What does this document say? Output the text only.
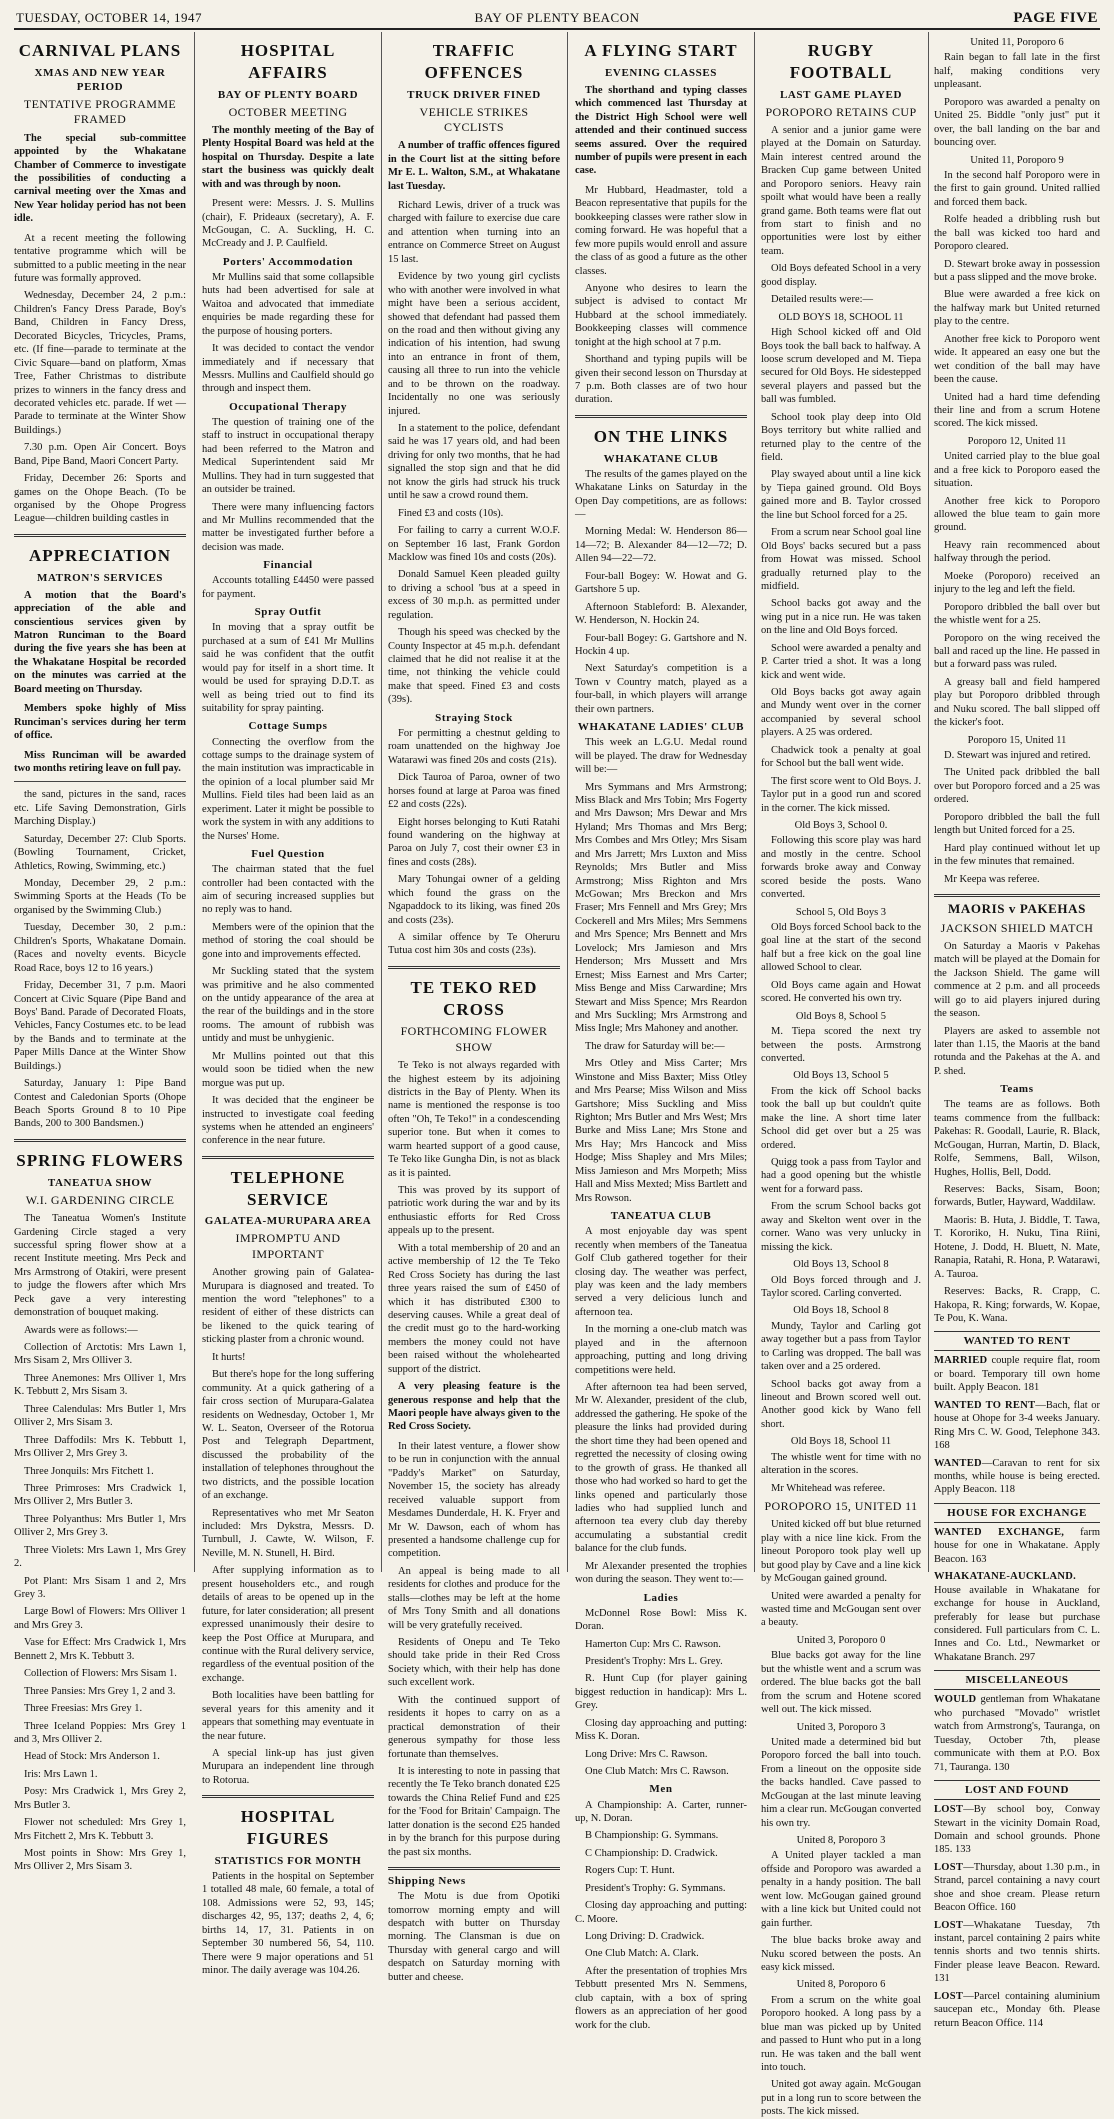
TUESDAY, OCTOBER 14, 1947	BAY OF PLENTY BEACON	PAGE FIVE
CARNIVAL PLANS
XMAS AND NEW YEAR PERIOD
TENTATIVE PROGRAMME FRAMED
The special sub-committee appointed by the Whakatane Chamber of Commerce to investigate the possibilities of conducting a carnival meeting over the Xmas and New Year holiday period has not been idle.

At a recent meeting the following tentative programme which will be submitted to a public meeting in the near future was formally approved.

Wednesday, December 24, 2 p.m.: Children's Fancy Dress Parade, Boy's Band, Children in Fancy Dress, Decorated Bicycles, Tricycles, Prams, etc. (If fine—parade to terminate at the Civic Square—band on platform, Xmas Tree, Father Christmas to distribute prizes to winners in the fancy dress and decorated vehicles etc. parade. If wet —Parade to terminate at the Winter Show Buildings.)

7.30 p.m. Open Air Concert. Boys Band, Pipe Band, Maori Concert Party.

Friday, December 26: Sports and games on the Ohope Beach. (To be organised by the Ohope Progress League—children building castles in

APPRECIATION
MATRON'S SERVICES
A motion that the Board's appreciation of the able and conscientious services given by Matron Runciman to the Board during the five years she has been at the Whakatane Hospital be recorded on the minutes was carried at the Board meeting on Thursday.
Members spoke highly of Miss Runciman's services during her term of office.
Miss Runciman will be awarded two months retiring leave on full pay.

the sand, pictures in the sand, races etc. Life Saving Demonstration, Girls Marching Display.)

Saturday, December 27: Club Sports. (Bowling Tournament, Cricket, Athletics, Rowing, Swimming, etc.)

Monday, December 29, 2 p.m.: Swimming Sports at the Heads (To be organised by the Swimming Club.)

Tuesday, December 30, 2 p.m.: Children's Sports, Whakatane Domain. (Races and novelty events. Bicycle Road Race, boys 12 to 16 years.)

Friday, December 31, 7 p.m. Maori Concert at Civic Square (Pipe Band and Boys' Band. Parade of Decorated Floats, Vehicles, Fancy Costumes etc. to be lead by the Bands and to terminate at the Paper Mills Dance at the Winter Show Buildings.)

Saturday, January 1: Pipe Band Contest and Caledonian Sports (Ohope Beach Sports Ground 8 to 10 Pipe Bands, 200 to 300 Bandsmen.)

SPRING FLOWERS
TANEATUA SHOW
W.I. GARDENING CIRCLE

The Taneatua Women's Institute Gardening Circle staged a very successful spring flower show at a recent Institute meeting. Mrs Peck and Mrs Armstrong of Otakiri, were present to judge the flowers after which Mrs Peck gave a very interesting demonstration of bouquet making.

Awards were as follows:—

Collection of Arctotis: Mrs Lawn 1, Mrs Sisam 2, Mrs Olliver 3.

Three Anemones: Mrs Olliver 1, Mrs K. Tebbutt 2, Mrs Sisam 3.

Three Calendulas: Mrs Butler 1, Mrs Olliver 2, Mrs Sisam 3.

Three Daffodils: Mrs K. Tebbutt 1, Mrs Olliver 2, Mrs Grey 3.

Three Jonquils: Mrs Fitchett 1.

Three Primroses: Mrs Cradwick 1, Mrs Olliver 2, Mrs Butler 3.

Three Polyanthus: Mrs Butler 1, Mrs Olliver 2, Mrs Grey 3.

Three Violets: Mrs Lawn 1, Mrs Grey 2.

Pot Plant: Mrs Sisam 1 and 2, Mrs Grey 3.

Large Bowl of Flowers: Mrs Olliver 1 and Mrs Grey 3.

Vase for Effect: Mrs Cradwick 1, Mrs Bennett 2, Mrs K. Tebbutt 3.

Collection of Flowers: Mrs Sisam 1.

Three Pansies: Mrs Grey 1, 2 and 3.

Three Freesias: Mrs Grey 1.

Three Iceland Poppies: Mrs Grey 1 and 3, Mrs Olliver 2.

Head of Stock: Mrs Anderson 1.

Iris: Mrs Lawn 1.

Posy: Mrs Cradwick 1, Mrs Grey 2, Mrs Butler 3.

Flower not scheduled: Mrs Grey 1, Mrs Fitchett 2, Mrs K. Tebbutt 3.

Most points in Show: Mrs Grey 1, Mrs Olliver 2, Mrs Sisam 3.

HOSPITAL AFFAIRS
BAY OF PLENTY BOARD
OCTOBER MEETING
The monthly meeting of the Bay of Plenty Hospital Board was held at the hospital on Thursday. Despite a late start the business was quickly dealt with and was through by noon.

Present were: Messrs. J. S. Mullins (chair), F. Prideaux (secretary), A. F. McGougan, C. A. Suckling, H. C. McCready and J. P. Caulfield.

Porters' Accommodation

Mr Mullins said that some collapsible huts had been advertised for sale at Waitoa and advocated that immediate enquiries be made regarding these for the purpose of housing porters.

It was decided to contact the vendor immediately and if necessary that Messrs. Mullins and Caulfield should go through and inspect them.

Occupational Therapy

The question of training one of the staff to instruct in occupational therapy had been referred to the Matron and Medical Superintendent said Mr Mullins. They had in turn suggested that an outsider be trained.

There were many influencing factors and Mr Mullins recommended that the matter be investigated further before a decision was made.

Financial

Accounts totalling £4450 were passed for payment.

Spray Outfit

In moving that a spray outfit be purchased at a sum of £41 Mr Mullins said he was confident that the outfit would pay for itself in a short time. It would be used for spraying D.D.T. as well as being tried out to find its suitability for spray painting.

Cottage Sumps

Connecting the overflow from the cottage sumps to the drainage system of the main institution was impracticable in the opinion of a local plumber said Mr Mullins. Field tiles had been laid as an experiment. Later it might be possible to work the system in with any additions to the Nurses' Home.

Fuel Question

The chairman stated that the fuel controller had been contacted with the aim of securing increased supplies but no reply was to hand.

Members were of the opinion that the method of storing the coal should be gone into and improvements effected.

Mr Suckling stated that the system was primitive and he also commented on the untidy appearance of the area at the rear of the buildings and in the store rooms. The amount of rubbish was untidy and must be unhygienic.

Mr Mullins pointed out that this would soon be tidied when the new morgue was put up.

It was decided that the engineer be instructed to investigate coal feeding systems when he attended an engineers' conference in the near future.

TELEPHONE SERVICE
GALATEA-MURUPARA AREA
IMPROMPTU AND IMPORTANT

Another growing pain of Galatea-Murupara is diagnosed and treated. To mention the word "telephones" to a resident of either of these districts can be likened to the quick tearing of sticking plaster from a chronic wound.

It hurts!

But there's hope for the long suffering community. At a quick gathering of a fair cross section of Murupara-Galatea residents on Wednesday, October 1, Mr W. L. Seaton, Overseer of the Rotorua Post and Telegraph Department, discussed the probability of the installation of telephones throughout the two districts, and the possible location of an exchange.

Representatives who met Mr Seaton included: Mrs Dykstra, Messrs. D. Turnbull, J. Cawte, W. Wilson, F. Neville, M. N. Stunell, H. Bird.

After supplying information as to present householders etc., and rough details of areas to be opened up in the future, for later consideration; all present expressed unanimously their desire to keep the Post Office at Murupara, and continue with the Rural delivery service, regardless of the eventual position of the exchange.

Both localities have been battling for several years for this amenity and it appears that something may eventuate in the near future.

A special link-up has just given Murupara an independent line through to Rotorua.

HOSPITAL FIGURES
STATISTICS FOR MONTH

Patients in the hospital on September 1 totalled 48 male, 60 female, a total of 108. Admissions were 52, 93, 145; discharges 42, 95, 137; deaths 2, 4, 6; births 14, 17, 31. Patients in on September 30 numbered 56, 54, 110. There were 9 major operations and 51 minor. The daily average was 104.26.

TRAFFIC OFFENCES
TRUCK DRIVER FINED
VEHICLE STRIKES CYCLISTS
A number of traffic offences figured in the Court list at the sitting before Mr E. L. Walton, S.M., at Whakatane last Tuesday.

Richard Lewis, driver of a truck was charged with failure to exercise due care and attention when turning into an entrance on Commerce Street on August 15 last.

Evidence by two young girl cyclists who with another were involved in what might have been a serious accident, showed that defendant had passed them on the road and then without giving any indication of his intention, had swung into an entrance in front of them, causing all three to run into the vehicle and to be thrown on the roadway. Incidentally no one was seriously injured.

In a statement to the police, defendant said he was 17 years old, and had been driving for only two months, that he had signalled the stop sign and that he did not know the girls had struck his truck until he saw a crowd round them.

Fined £3 and costs (10s).

For failing to carry a current W.O.F. on September 16 last, Frank Gordon Macklow was fined 10s and costs (20s).

Donald Samuel Keen pleaded guilty to driving a school 'bus at a speed in excess of 30 m.p.h. as permitted under regulation.

Though his speed was checked by the County Inspector at 45 m.p.h. defendant claimed that he did not realise it at the time, not thinking the vehicle could make that speed. Fined £3 and costs (39s).

Straying Stock

For permitting a chestnut gelding to roam unattended on the highway Joe Watarawi was fined 20s and costs (21s).

Dick Tauroa of Paroa, owner of two horses found at large at Paroa was fined £2 and costs (22s).

Eight horses belonging to Kuti Ratahi found wandering on the highway at Paroa on July 7, cost their owner £3 in fines and costs (28s).

Mary Tohungai owner of a gelding which found the grass on the Ngapaddock to its liking, was fined 20s and costs (23s).

A similar offence by Te Oheruru Tutua cost him 30s and costs (23s).

TE TEKO RED CROSS
FORTHCOMING FLOWER SHOW

Te Teko is not always regarded with the highest esteem by its adjoining districts in the Bay of Plenty. When its name is mentioned the response is too often "Oh, Te Teko!" in a condescending superior tone. But when it comes to warm hearted support of a good cause, Te Teko like Gungha Din, is not as black as it is painted.

This was proved by its support of patriotic work during the war and by its enthusiastic efforts for Red Cross appeals up to the present.

With a total membership of 20 and an active membership of 12 the Te Teko Red Cross Society has during the last three years raised the sum of £450 of which it has distributed £300 to deserving causes. While a great deal of the credit must go to the hard-working members the money could not have been raised without the wholehearted support of the district.

A very pleasing feature is the generous response and help that the Maori people have always given to the Red Cross Society.

In their latest venture, a flower show to be run in conjunction with the annual "Paddy's Market" on Saturday, November 15, the society has already received valuable support from Mesdames Dunderdale, H. K. Fryer and Mr W. Dawson, each of whom has presented a handsome challenge cup for competition.

An appeal is being made to all residents for clothes and produce for the stalls—clothes may be left at the home of Mrs Tony Smith and all donations will be very gratefully received.

Residents of Onepu and Te Teko should take pride in their Red Cross Society which, with their help has done such excellent work.

With the continued support of residents it hopes to carry on as a practical demonstration of their generous sympathy for those less fortunate than themselves.

It is interesting to note in passing that recently the Te Teko branch donated £25 towards the China Relief Fund and £25 for the 'Food for Britain' Campaign. The latter donation is the second £25 handed in by the branch for this purpose during the past six months.

Shipping News

The Motu is due from Opotiki tomorrow morning empty and will despatch with butter on Thursday morning. The Clansman is due on Thursday with general cargo and will despatch on Saturday morning with butter and cheese.

A FLYING START
EVENING CLASSES
The shorthand and typing classes which commenced last Thursday at the District High School were well attended and their continued success seems assured. Over the required number of pupils were present in each case.

Mr Hubbard, Headmaster, told a Beacon representative that pupils for the bookkeeping classes were rather slow in coming forward. He was hopeful that a few more pupils would enroll and assure the class of as good a future as the other classes.

Anyone who desires to learn the subject is advised to contact Mr Hubbard at the school immediately. Bookkeeping classes will commence tonight at the high school at 7 p.m.

Shorthand and typing pupils will be given their second lesson on Thursday at 7 p.m. Both classes are of two hour duration.

ON THE LINKS
WHAKATANE CLUB

The results of the games played on the Whakatane Links on Saturday in the Open Day competitions, are as follows:—

Morning Medal: W. Henderson 86—14—72; B. Alexander 84—12—72; D. Allen 94—22—72.

Four-ball Bogey: W. Howat and G. Gartshore 5 up.

Afternoon Stableford: B. Alexander, W. Henderson, N. Hockin 24.

Four-ball Bogey: G. Gartshore and N. Hockin 4 up.

Next Saturday's competition is a Town v Country match, played as a four-ball, in which players will arrange their own partners.

WHAKATANE LADIES' CLUB

This week an L.G.U. Medal round will be played. The draw for Wednesday will be:—

Mrs Symmans and Mrs Armstrong; Miss Black and Mrs Tobin; Mrs Fogerty and Mrs Dawson; Mrs Dewar and Mrs Hyland; Mrs Thomas and Mrs Berg; Mrs Combes and Mrs Otley; Mrs Sisam and Mrs Jarrett; Mrs Luxton and Miss Reynolds; Mrs Butler and Miss Armstrong; Miss Righton and Mrs McGowan; Mrs Breckon and Mrs Fraser; Mrs Fennell and Mrs Grey; Mrs Cockerell and Mrs Miles; Mrs Semmens and Mrs Spence; Mrs Bennett and Mrs Lovelock; Mrs Jamieson and Mrs Henderson; Mrs Mussett and Mrs Ernest; Miss Earnest and Mrs Carter; Miss Benge and Miss Carwardine; Mrs Stewart and Miss Spence; Mrs Reardon and Mrs Suckling; Mrs Armstrong and Miss Ingle; Mrs Mahoney and another.

The draw for Saturday will be:—

Mrs Otley and Miss Carter; Mrs Winstone and Miss Baxter; Miss Otley and Mrs Pearse; Miss Wilson and Miss Gartshore; Miss Suckling and Miss Righton; Mrs Butler and Mrs West; Mrs Burke and Miss Lane; Mrs Stone and Mrs Hay; Mrs Hancock and Miss Hodge; Miss Shapley and Mrs Miles; Miss Jamieson and Mrs Morpeth; Miss Hall and Miss Mexted; Miss Bartlett and Mrs Rowson.

TANEATUA CLUB

A most enjoyable day was spent recently when members of the Taneatua Golf Club gathered together for their closing day. The weather was perfect, play was keen and the lady members served a very delicious lunch and afternoon tea.

In the morning a one-club match was played and in the afternoon approaching, putting and long driving competitions were held.

After afternoon tea had been served, Mr W. Alexander, president of the club, addressed the gathering. He spoke of the pleasure the links had provided during the short time they had been opened and regretted the necessity of closing owing to the growth of grass. He thanked all those who had worked so hard to get the links opened and particularly those ladies who had supplied lunch and afternoon tea every club day thereby accumulating a substantial credit balance for the club funds.

Mr Alexander presented the trophies won during the season. They went to:—

Ladies

McDonnel Rose Bowl: Miss K. Doran.

Hamerton Cup: Mrs C. Rawson.

President's Trophy: Mrs L. Grey.

R. Hunt Cup (for player gaining biggest reduction in handicap): Mrs L. Grey.

Closing day approaching and putting: Miss K. Doran.

Long Drive: Mrs C. Rawson.

One Club Match: Mrs C. Rawson.

Men

A Championship: A. Carter, runner-up, N. Doran.

B Championship: G. Symmans.

C Championship: D. Cradwick.

Rogers Cup: T. Hunt.

President's Trophy: G. Symmans.

Closing day approaching and putting: C. Moore.

Long Driving: D. Cradwick.

One Club Match: A. Clark.

After the presentation of trophies Mrs Tebbutt presented Mrs N. Semmens, club captain, with a box of spring flowers as an appreciation of her good work for the club.

RUGBY FOOTBALL
LAST GAME PLAYED
POROPORO RETAINS CUP

A senior and a junior game were played at the Domain on Saturday. Main interest centred around the Bracken Cup game between United and Poroporo seniors. Heavy rain spoilt what would have been a really grand game. Both teams were flat out from start to finish and no opportunities were lost by either team.

Old Boys defeated School in a very good display.

Detailed results were:—

OLD BOYS 18, SCHOOL 11

High School kicked off and Old Boys took the ball back to halfway. A loose scrum developed and M. Tiepa secured for Old Boys. He sidestepped several players and passed but the ball was fumbled.

School took play deep into Old Boys territory but white rallied and returned play to the centre of the field.

Play swayed about until a line kick by Tiepa gained ground. Old Boys gained more and B. Taylor crossed the line but School forced for a 25.

From a scrum near School goal line Old Boys' backs secured but a pass from Howat was missed. School gradually returned play to the midfield.

School backs got away and the wing put in a nice run. He was taken on the line and Old Boys forced.

School were awarded a penalty and P. Carter tried a shot. It was a long kick and went wide.

Old Boys backs got away again and Mundy went over in the corner accompanied by several school players. A 25 was ordered.

Chadwick took a penalty at goal for School but the ball went wide.

The first score went to Old Boys. J. Taylor put in a good run and scored in the corner. The kick missed.

Old Boys 3, School 0.

Following this score play was hard and mostly in the centre. School forwards broke away and Conway scored beside the posts. Wano converted.

School 5, Old Boys 3

Old Boys forced School back to the goal line at the start of the second half but a free kick on the goal line allowed School to clear.

Old Boys came again and Howat scored. He converted his own try.

Old Boys 8, School 5

M. Tiepa scored the next try between the posts. Armstrong converted.

Old Boys 13, School 5

From the kick off School backs took the ball up but couldn't quite make the line. A short time later School did get over but a 25 was ordered.

Quigg took a pass from Taylor and had a good opening but the whistle went for a forward pass.

From the scrum School backs got away and Skelton went over in the corner. Wano was very unlucky in missing the kick.

Old Boys 13, School 8

Old Boys forced through and J. Taylor scored. Carling converted.

Old Boys 18, School 8

Mundy, Taylor and Carling got away together but a pass from Taylor to Carling was dropped. The ball was taken over and a 25 ordered.

School backs got away from a lineout and Brown scored well out. Another good kick by Wano fell short.

Old Boys 18, School 11

The whistle went for time with no alteration in the scores.

Mr Whitehead was referee.

POROPORO 15, UNITED 11

United kicked off but blue returned play with a nice line kick. From the lineout Poroporo took play well up but good play by Cave and a line kick by McGougan gained ground.

United were awarded a penalty for wasted time and McGougan sent over a beauty.

United 3, Poroporo 0

Blue backs got away for the line but the whistle went and a scrum was ordered. The blue backs got the ball from the scrum and Hotene scored well out. The kick missed.

United 3, Poroporo 3

United made a determined bid but Poroporo forced the ball into touch. From a lineout on the opposite side the backs handled. Cave passed to McGougan at the last minute leaving him a clear run. McGougan converted his own try.

United 8, Poroporo 3

A United player tackled a man offside and Poroporo was awarded a penalty in a handy position. The ball went low. McGougan gained ground with a line kick but United could not gain further.

The blue backs broke away and Nuku scored between the posts. An easy kick missed.

United 8, Poroporo 6

From a scrum on the white goal Poroporo hooked. A long pass by a blue man was picked up by United and passed to Hunt who put in a long run. He was taken and the ball went into touch.

United got away again. McGougan put in a long run to score between the posts. The kick missed.

United 11, Poroporo 6

Rain began to fall late in the first half, making conditions very unpleasant.

Poroporo was awarded a penalty on United 25. Biddle "only just" put it over, the ball landing on the bar and bouncing over.

United 11, Poroporo 9

In the second half Poroporo were in the first to gain ground. United rallied and forced them back.

Rolfe headed a dribbling rush but the ball was kicked too hard and Poroporo cleared.

D. Stewart broke away in possession but a pass slipped and the move broke.

Blue were awarded a free kick on the halfway mark but United returned play to the centre.

Another free kick to Poroporo went wide. It appeared an easy one but the wet condition of the ball may have been the cause.

United had a hard time defending their line and from a scrum Hotene scored. The kick missed.

Poroporo 12, United 11

United carried play to the blue goal and a free kick to Poroporo eased the situation.

Another free kick to Poroporo allowed the blue team to gain more ground.

Heavy rain recommenced about halfway through the period.

Moeke (Poroporo) received an injury to the leg and left the field.

Poroporo dribbled the ball over but the whistle went for a 25.

Poroporo on the wing received the ball and raced up the line. He passed in but a forward pass was ruled.

A greasy ball and field hampered play but Poroporo dribbled through and Nuku scored. The ball slipped off the kicker's foot.

Poroporo 15, United 11

D. Stewart was injured and retired.

The United pack dribbled the ball over but Poroporo forced and a 25 was ordered.

Poroporo dribbled the ball the full length but United forced for a 25.

Hard play continued without let up in the few minutes that remained.

Mr Keepa was referee.

MAORIS v PAKEHAS
JACKSON SHIELD MATCH

On Saturday a Maoris v Pakehas match will be played at the Domain for the Jackson Shield. The game will commence at 2 p.m. and all proceeds will go to aid players injured during the season.

Players are asked to assemble not later than 1.15, the Maoris at the band rotunda and the Pakehas at the A. and P. shed.

Teams

The teams are as follows. Both teams commence from the fullback: Pakehas: R. Goodall, Laurie, R. Black, McGougan, Hurran, Martin, D. Black, Rolfe, Semmens, Ball, Wilson, Hughes, Hollis, Bell, Dodd.

Reserves: Backs, Sisam, Boon; forwards, Butler, Hayward, Waddilaw.

Maoris: B. Huta, J. Biddle, T. Tawa, T. Kororiko, H. Nuku, Tina Riini, Hotene, J. Dodd, H. Bluett, N. Mate, Ranapia, Ratahi, R. Hona, P. Watarawi, A. Tauroa.

Reserves: Backs, R. Crapp, C. Hakopa, R. King; forwards, W. Kopae, Te Pou, K. Wana.

WANTED TO RENT

MARRIED couple require flat, room or board. Temporary till own home built. Apply Beacon. 181

WANTED TO RENT—Bach, flat or house at Ohope for 3-4 weeks January. Ring Mrs C. W. Good, Telephone 343. 168

WANTED—Caravan to rent for six months, while house is being erected. Apply Beacon. 118

HOUSE FOR EXCHANGE

WANTED EXCHANGE, farm house for one in Whakatane. Apply Beacon. 163

WHAKATANE-AUCKLAND. House available in Whakatane for exchange for house in Auckland, preferably for lease but purchase considered. Full particulars from C. L. Innes and Co. Ltd., Newmarket or Whakatane Branch. 297

MISCELLANEOUS

WOULD gentleman from Whakatane who purchased "Movado" wristlet watch from Armstrong's, Tauranga, on Tuesday, October 7th, please communicate with them at P.O. Box 71, Tauranga. 130

LOST AND FOUND

LOST—By school boy, Conway Stewart in the vicinity Domain Road, Domain and school grounds. Phone 185. 133

LOST—Thursday, about 1.30 p.m., in Strand, parcel containing a navy court shoe and shoe cream. Please return Beacon Office. 160

LOST—Whakatane Tuesday, 7th instant, parcel containing 2 pairs white tennis shorts and two tennis shirts. Finder please leave Beacon. Reward. 131

LOST—Parcel containing aluminium saucepan etc., Monday 6th. Please return Beacon Office. 114
